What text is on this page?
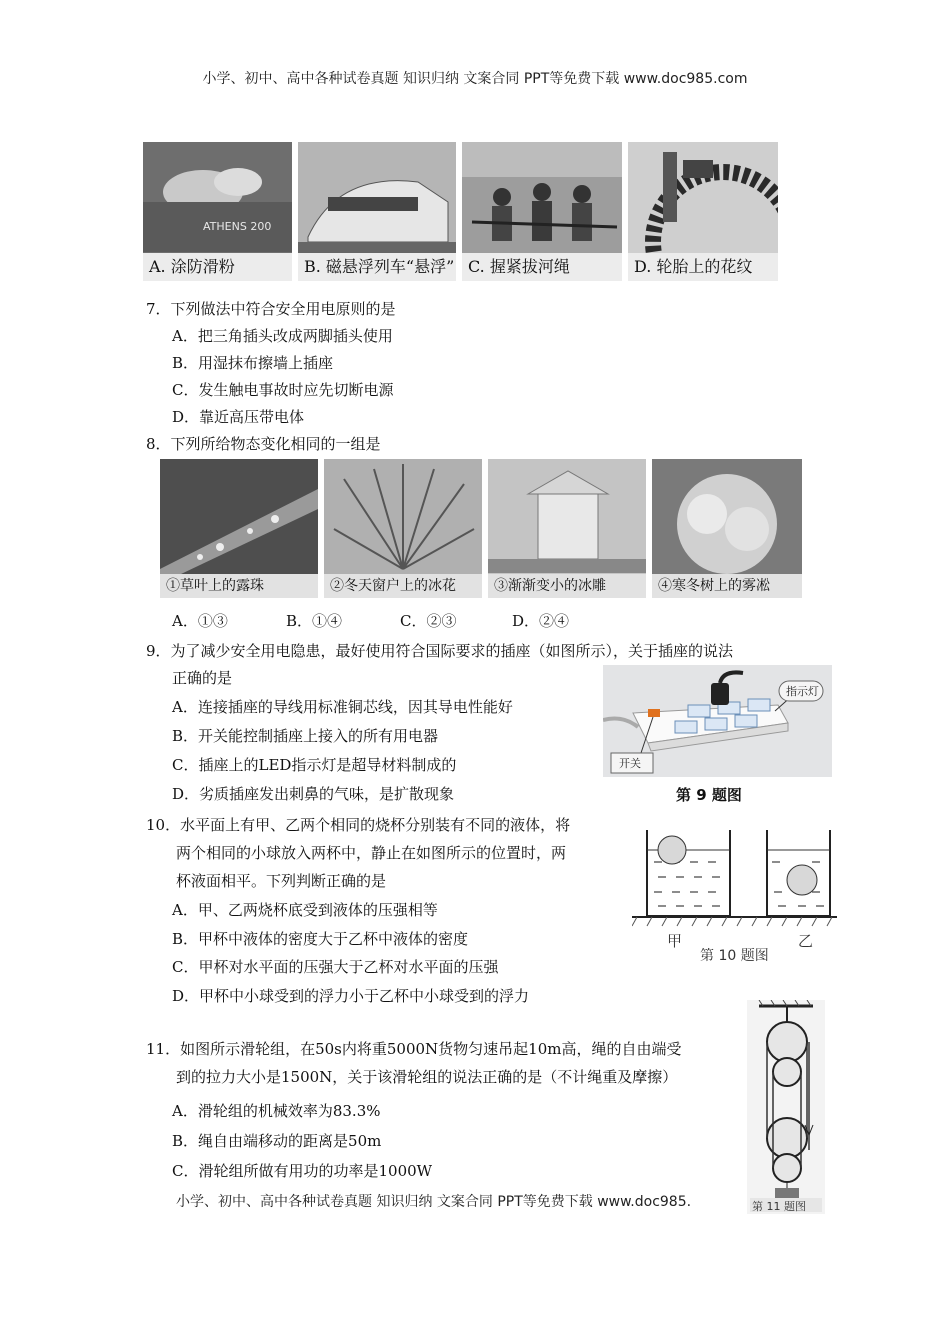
小学、初中、高中各种试卷真题 知识归纳 文案合同 PPT等免费下载 www.doc985.com
ATHENS 200
A. 涂防滑粉	B. 磁悬浮列车“悬浮” C. 握紧拔河绳	D. 轮胎上的花纹
7．下列做法中符合安全用电原则的是
A．把三角插头改成两脚插头使用
B．用湿抹布擦墙上插座
C．发生触电事故时应先切断电源
D．靠近高压带电体
8．下列所给物态变化相同的一组是
①草叶上的露珠	②冬天窗户上的冰花	③渐渐变小的冰雕	④寒冬树上的雾凇
A．①③	B．①④	C．②③	D．②④
9．为了减少安全用电隐患，最好使用符合国际要求的插座（如图所示），关于插座的说法
正确的是
A．连接插座的导线用标准铜芯线，因其导电性能好
B．开关能控制插座上接入的所有用电器
C．插座上的LED指示灯是超导材料制成的
D．劣质插座发出刺鼻的气味，是扩散现象
指示灯
开关
第 9 题图
10．水平面上有甲、乙两个相同的烧杯分别装有不同的液体，将
两个相同的小球放入两杯中，静止在如图所示的位置时，两
杯液面相平。下列判断正确的是
A．甲、乙两烧杯底受到液体的压强相等
B．甲杯中液体的密度大于乙杯中液体的密度
C．甲杯对水平面的压强大于乙杯对水平面的压强
D．甲杯中小球受到的浮力小于乙杯中小球受到的浮力
甲	乙
第 10 题图
11．如图所示滑轮组，在50s内将重5000N货物匀速吊起10m高，绳的自由端受
到的拉力大小是1500N，关于该滑轮组的说法正确的是（不计绳重及摩擦）
A．滑轮组的机械效率为83.3%
B．绳自由端移动的距离是50m
C．滑轮组所做有用功的功率是1000W
第 11 题图
小学、初中、高中各种试卷真题 知识归纳 文案合同 PPT等免费下载 www.doc985.
